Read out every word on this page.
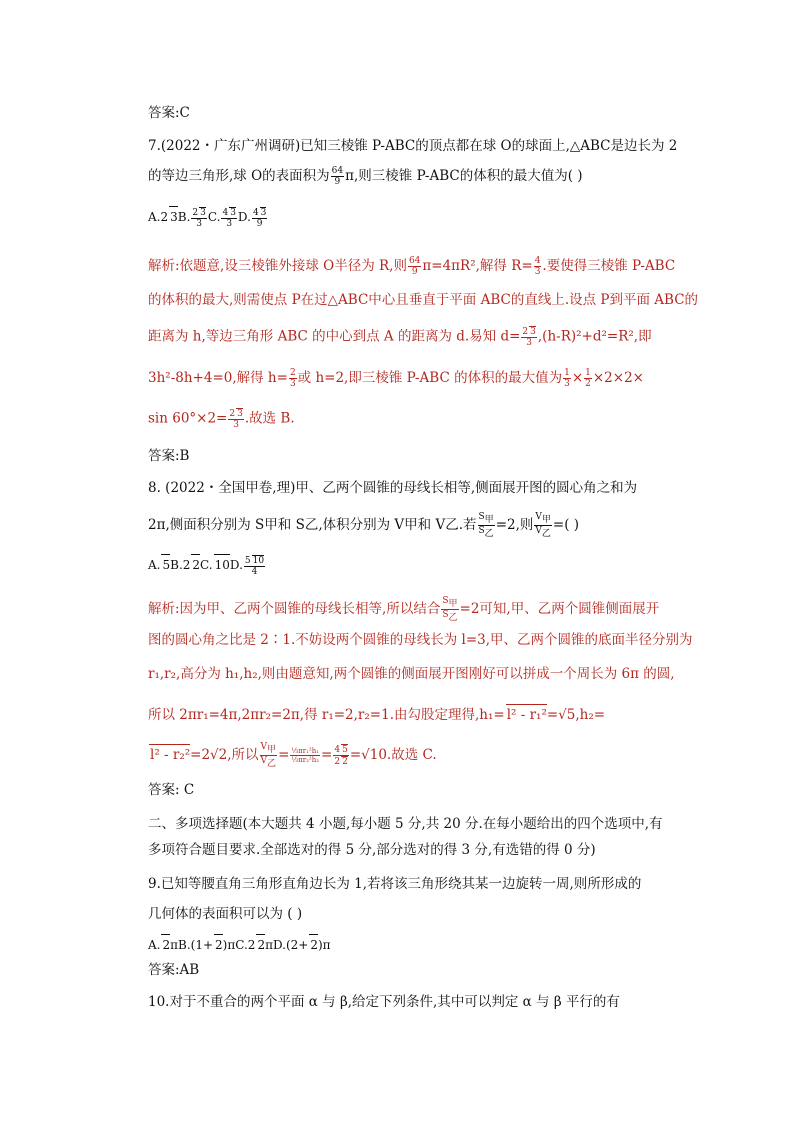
答案:C
7.(2022・广东广州调研)已知三棱锥 P-ABC的顶点都在球 O的球面上,△ABC是边长为 2
的等边三角形,球 O的表面积为 $\frac{64}{9} \pi$,则三棱锥 P-ABC的体积的最大值为( )
A.2 3B. $\frac{2 3}{3} C$. $\frac{4 3}{3} D$. $\frac{4 3}{9}$
解析:依题意,设三棱锥外接球 O半径为 R,则 $\frac{64}{9} \pi=4\pi R^2$,解得 $R= \frac{4}{3}$ .要使得三棱锥 P-ABC
的体积的最大,则需使点 P在过△ABC中心且垂直于平面 ABC的直线上.设点 P到平面 ABC的
距离为 h,等边三角形 ABC 的中心到点 A 的距离为 d.易知 $d= \frac{2 3}{3} ,(h-R)^2+d^2=R^2$,即
3h²-8h+4=0,解得 $h= \frac{2}{3}$ 或 h=2,即三棱锥 P-ABC 的体积的最大值为 $\frac{1}{3} \times \frac{1}{2} \times 2\times 2\times$
$\sin 60^\circ\times 2= \frac{2 3}{3}$ .故选 B.
答案:B
8. (2022・全国甲卷,理)甲、乙两个圆锥的母线长相等,侧面展开图的圆心角之和为
2π,侧面积分别为 S甲和 S乙,体积分别为 V甲和 V乙.若 $\frac{S_甲}{S_乙} =2$,则 $\frac{V_甲}{V_乙}$ =( )
A. 5B.2 2C. 10D. $\frac{5 10}{4}$
解析:因为甲、乙两个圆锥的母线长相等,所以结合 $\frac{S_甲}{S_乙} =2$可知,甲、乙两个圆锥侧面展开
图的圆心角之比是 2∶1.不妨设两个圆锥的母线长为 l=3,甲、乙两个圆锥的底面半径分别为
r₁,r₂,高分为 h₁,h₂,则由题意知,两个圆锥的侧面展开图刚好可以拼成一个周长为 6π 的圆,
所以 2πr₁=4π,2πr₂=2π,得 r₁=2,r₂=1.由勾股定理得,h₁= l² - r₁²=√5,h₂=
l² - r₂²=2√2,所以 $\frac{V_甲}{V_乙} = \frac{\text{⅓πr₁²h₁}}{\text{⅓πr₂²h₂}} = \frac{4 5}{2 2} =√10$.故选 C.
答案: C
二、多项选择题(本大题共 4 小题,每小题 5 分,共 20 分.在每小题给出的四个选项中,有
多项符合题目要求.全部选对的得 5 分,部分选对的得 3 分,有选错的得 0 分)
9.已知等腰直角三角形直角边长为 1,若将该三角形绕其某一边旋转一周,则所形成的
几何体的表面积可以为 ( )
A. 2πB.(1+ 2)πC.2 2πD.(2+ 2)π
答案:AB
10.对于不重合的两个平面 α 与 β,给定下列条件,其中可以判定 α 与 β 平行的有
